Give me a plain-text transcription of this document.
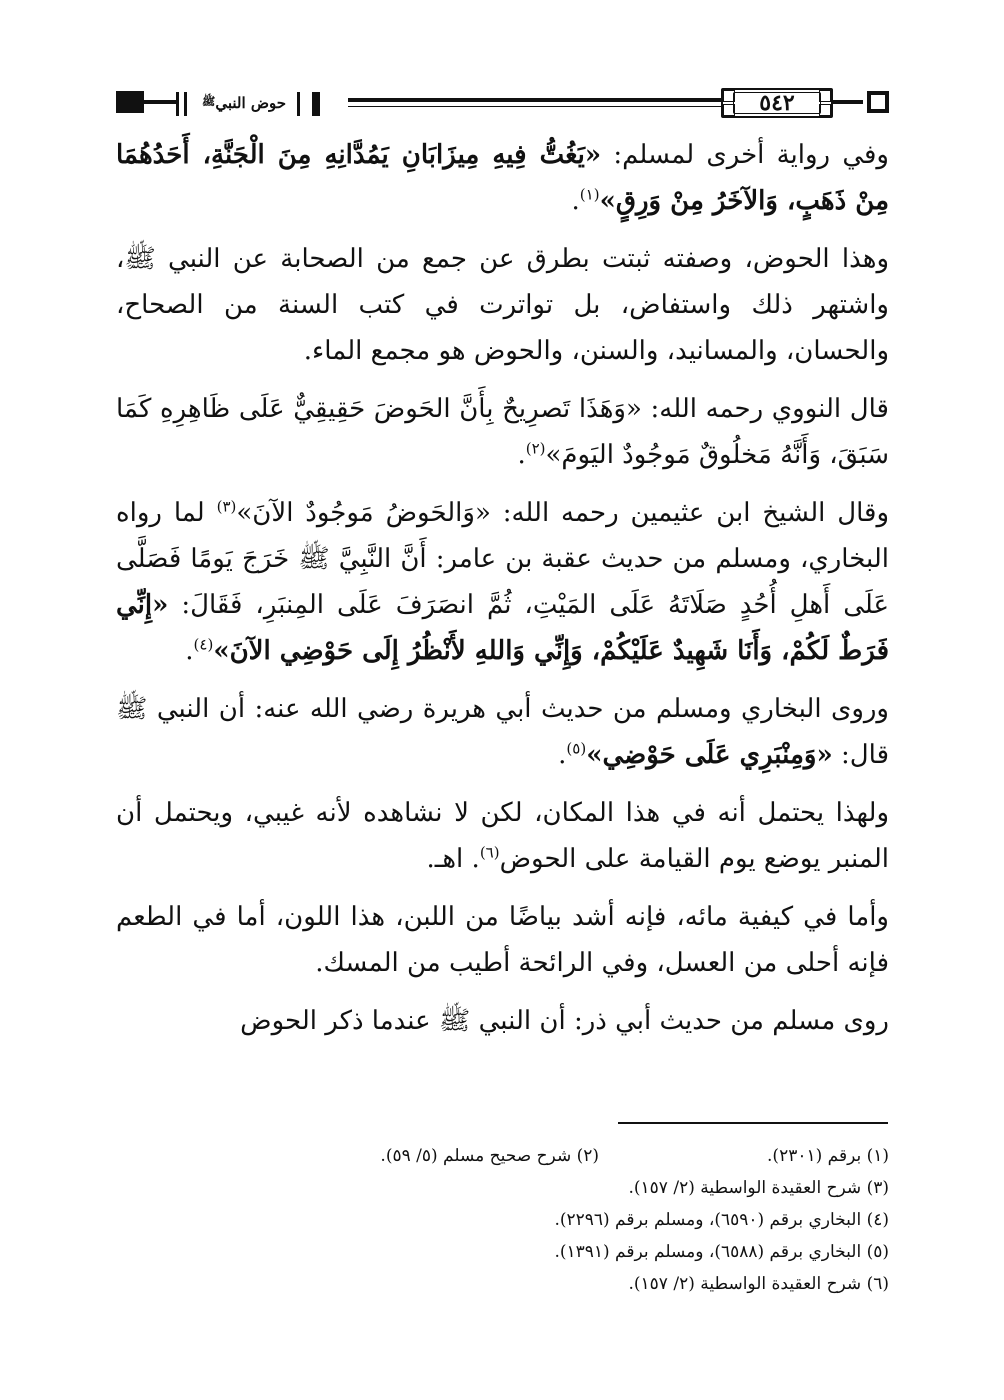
٥٤٢
حوض النبي
ﷺ

وفي رواية أخرى لمسلم: «يَغُتُّ فِيهِ مِيزَابَانِ يَمُدَّانِهِ مِنَ الْجَنَّةِ، أَحَدُهُمَا مِنْ ذَهَبٍ، وَالآخَرُ مِنْ وَرِقٍ»$^{(١)}$.

وهذا الحوض، وصفته ثبتت بطرق عن جمع من الصحابة عن النبي ﷺ، واشتهر ذلك واستفاض، بل تواترت في كتب السنة من الصحاح، والحسان، والمسانيد، والسنن، والحوض هو مجمع الماء.

قال النووي رحمه الله: «وَهَذَا تَصرِيحٌ بِأَنَّ الحَوضَ حَقِيقِيٌّ عَلَى ظَاهِرِهِ كَمَا سَبَقَ، وَأَنَّهُ مَخلُوقٌ مَوجُودٌ اليَومَ»$^{(٢)}$.

وقال الشيخ ابن عثيمين رحمه الله: «وَالحَوضُ مَوجُودٌ الآنَ»$^{(٣)}$ لما رواه البخاري، ومسلم من حديث عقبة بن عامر: أَنَّ النَّبِيَّ ﷺ خَرَجَ يَومًا فَصَلَّى عَلَى أَهلِ أُحُدٍ صَلَاتَهُ عَلَى المَيْتِ، ثُمَّ انصَرَفَ عَلَى المِنبَرِ، فَقَالَ: «إِنِّي فَرَطٌ لَكُمْ، وَأَنَا شَهِيدٌ عَلَيْكُمْ، وَإِنِّي وَاللهِ لأَنْظُرُ إِلَى حَوْضِي الآنَ»$^{(٤)}$.

وروى البخاري ومسلم من حديث أبي هريرة رضي الله عنه: أن النبي ﷺ قال: «وَمِنْبَرِي عَلَى حَوْضِي»$^{(٥)}$.

ولهذا يحتمل أنه في هذا المكان، لكن لا نشاهده لأنه غيبي، ويحتمل أن المنبر يوضع يوم القيامة على الحوض$^{(٦)}$. اهـ.

وأما في كيفية مائه، فإنه أشد بياضًا من اللبن، هذا اللون، أما في الطعم فإنه أحلى من العسل، وفي الرائحة أطيب من المسك.

روى مسلم من حديث أبي ذر: أن النبي ﷺ عندما ذكر الحوض

(١) برقم (٢٣٠١).
(٢) شرح صحيح مسلم (٥/ ٥٩).
(٣) شرح العقيدة الواسطية (٢/ ١٥٧).
(٤) البخاري برقم (٦٥٩٠)، ومسلم برقم (٢٢٩٦).
(٥) البخاري برقم (٦٥٨٨)، ومسلم برقم (١٣٩١).
(٦) شرح العقيدة الواسطية (٢/ ١٥٧).
